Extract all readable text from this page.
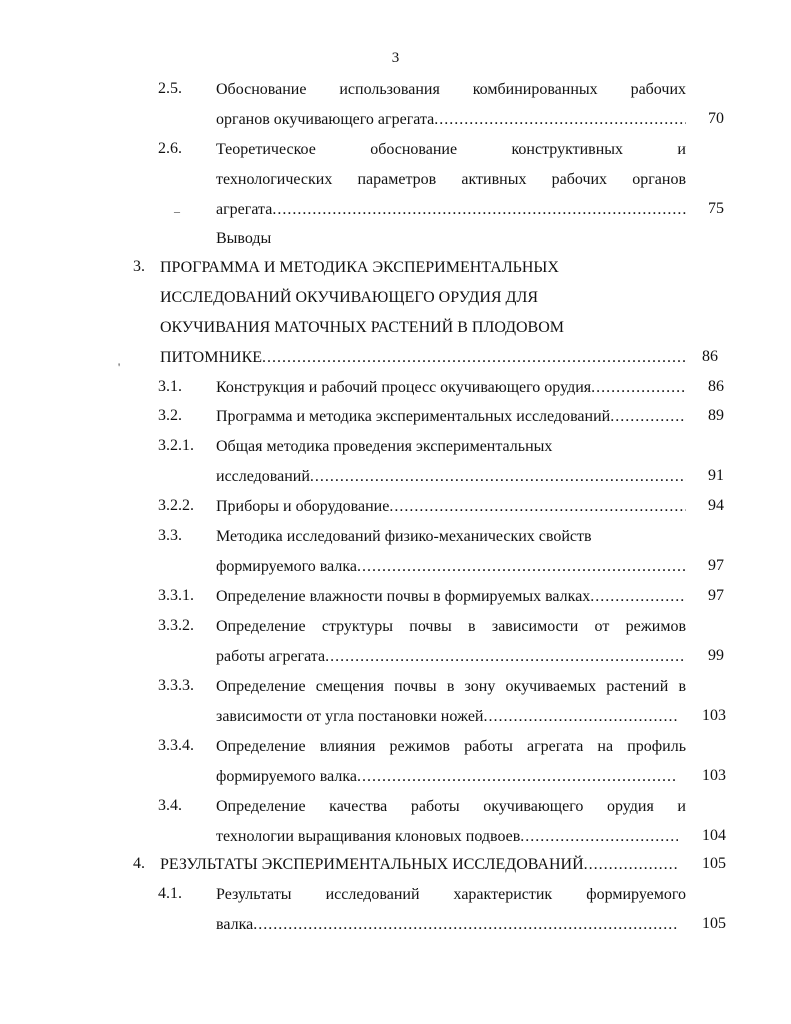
3
2.5. Обоснование использования комбинированных рабочих
органов окучивающего агрегата .....	70
2.6. Теоретическое обоснование конструктивных и
технологических параметров активных рабочих органов
агрегата .....	75
–
Выводы
3. ПРОГРАММА И МЕТОДИКА ЭКСПЕРИМЕНТАЛЬНЫХ
ИССЛЕДОВАНИЙ ОКУЧИВАЮЩЕГО ОРУДИЯ ДЛЯ
ОКУЧИВАНИЯ МАТОЧНЫХ РАСТЕНИЙ В ПЛОДОВОМ
ПИТОМНИКЕ .....	86
'
3.1. Конструкция и рабочий процесс окучивающего орудия .....	86
3.2. Программа и методика экспериментальных исследований .....	89
3.2.1. Общая методика проведения экспериментальных
исследований .....	91
3.2.2. Приборы и оборудование .....	94
3.3. Методика исследований физико-механических свойств
формируемого валка .....	97
3.3.1. Определение влажности почвы в формируемых валках .....	97
3.3.2. Определение структуры почвы в зависимости от режимов
работы агрегата .....	99
3.3.3. Определение смещения почвы в зону окучиваемых растений в
зависимости от угла постановки ножей .....	103
3.3.4. Определение влияния режимов работы агрегата на профиль
формируемого валка .....	103
3.4. Определение качества работы окучивающего орудия и
технологии выращивания клоновых подвоев .....	104
4. РЕЗУЛЬТАТЫ ЭКСПЕРИМЕНТАЛЬНЫХ ИССЛЕДОВАНИЙ .....	105
4.1. Результаты исследований характеристик формируемого
валка .....	105
